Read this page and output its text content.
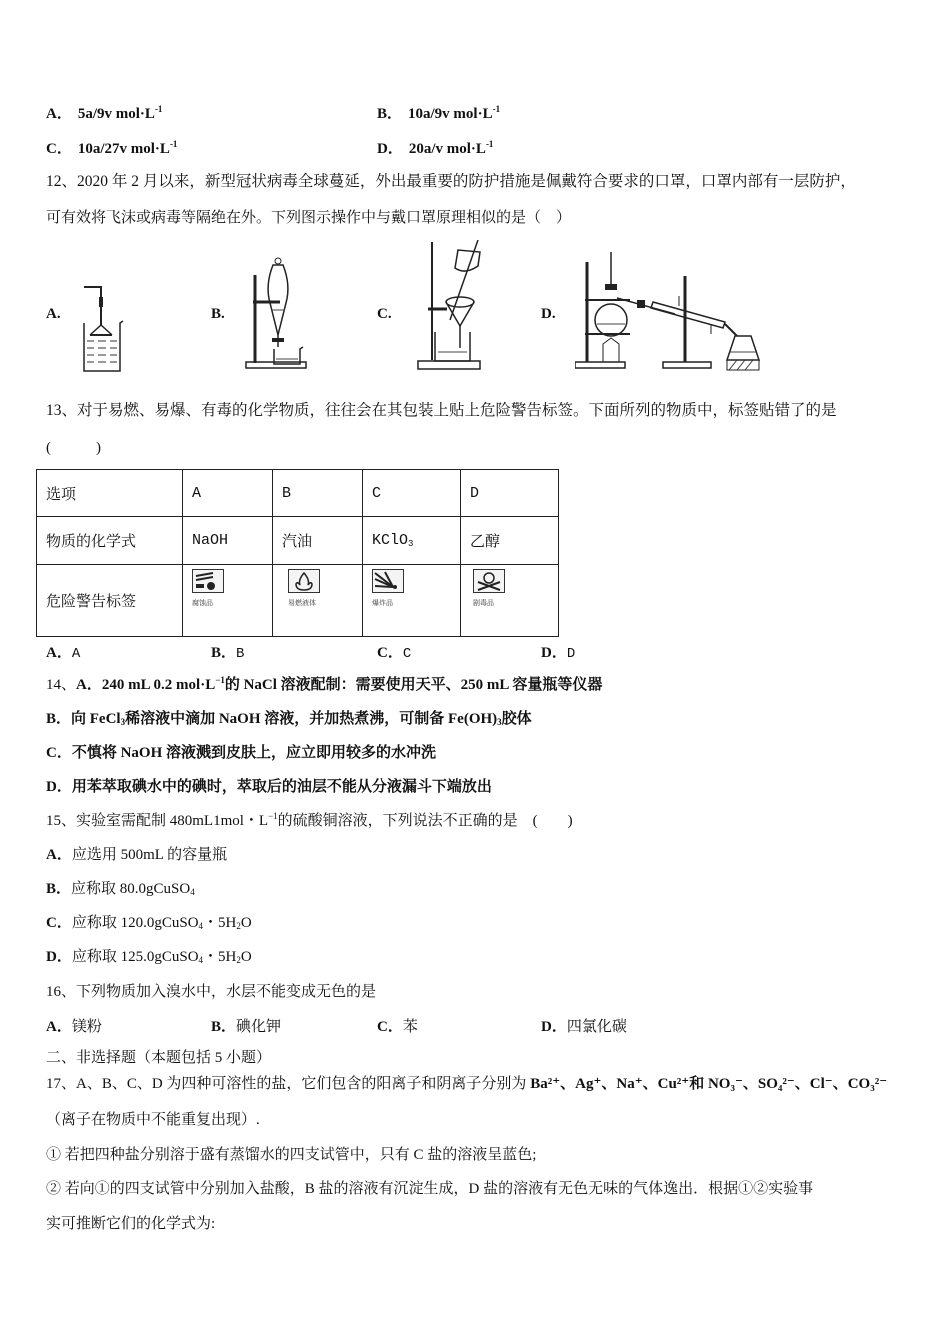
A． 5a/9v $mol\cdot L^{-1}$	B． 10a/9v $mol\cdot L^{-1}$
C． 10a/27v $mol\cdot L^{-1}$	D． 20a/v $mol\cdot L^{-1}$
12、2020 年 2 月以来，新型冠状病毒全球蔓延，外出最重要的防护措施是佩戴符合要求的口罩，口罩内部有一层防护，
可有效将飞沫或病毒等隔绝在外。下列图示操作中与戴口罩原理相似的是（　）
A.	B.	C.	D.
13、对于易燃、易爆、有毒的化学物质，往往会在其包装上贴上危险警告标签。下面所列的物质中，标签贴错了的是
(　　　)
选项	A	B	C	D
物质的化学式	NaOH	汽油	KClO$_3$	乙醇
危险警告标签	腐蚀品	易燃液体	爆炸品	剧毒品
A．A	B．B	C．C	D．D
14、A．240 mL 0.2 $mol\cdot L^{-1}$的 NaCl 溶液配制：需要使用天平、250 mL 容量瓶等仪器
B．向 FeCl$_3$稀溶液中滴加 NaOH 溶液，并加热煮沸，可制备 $Fe(OH)_3$胶体
C．不慎将 NaOH 溶液溅到皮肤上，应立即用较多的水冲洗
D．用苯萃取碘水中的碘时，萃取后的油层不能从分液漏斗下端放出
15、实验室需配制 480mL1mol・$L^{-1}$的硫酸铜溶液，下列说法不正确的是　(　　)
A．应选用 500mL 的容量瓶
B．应称取 80.0gCuSO$_4$
C．应称取 120.0gCuSO$_4$・$5H_2O$
D．应称取 125.0gCuSO$_4$・$5H_2O$
16、下列物质加入溴水中，水层不能变成无色的是
A．镁粉	B．碘化钾	C．苯	D．四氯化碳
二、非选择题（本题包括 5 小题）
17、A、B、C、D 为四种可溶性的盐，它们包含的阳离子和阴离子分别为 Ba²⁺、Ag⁺、Na⁺、Cu²⁺和 NO₃⁻、SO₄²⁻、Cl⁻、CO₃²⁻
（离子在物质中不能重复出现）.
① 若把四种盐分别溶于盛有蒸馏水的四支试管中，只有 C 盐的溶液呈蓝色;
② 若向①的四支试管中分别加入盐酸，B 盐的溶液有沉淀生成，D 盐的溶液有无色无味的气体逸出．根据①②实验事
实可推断它们的化学式为:
